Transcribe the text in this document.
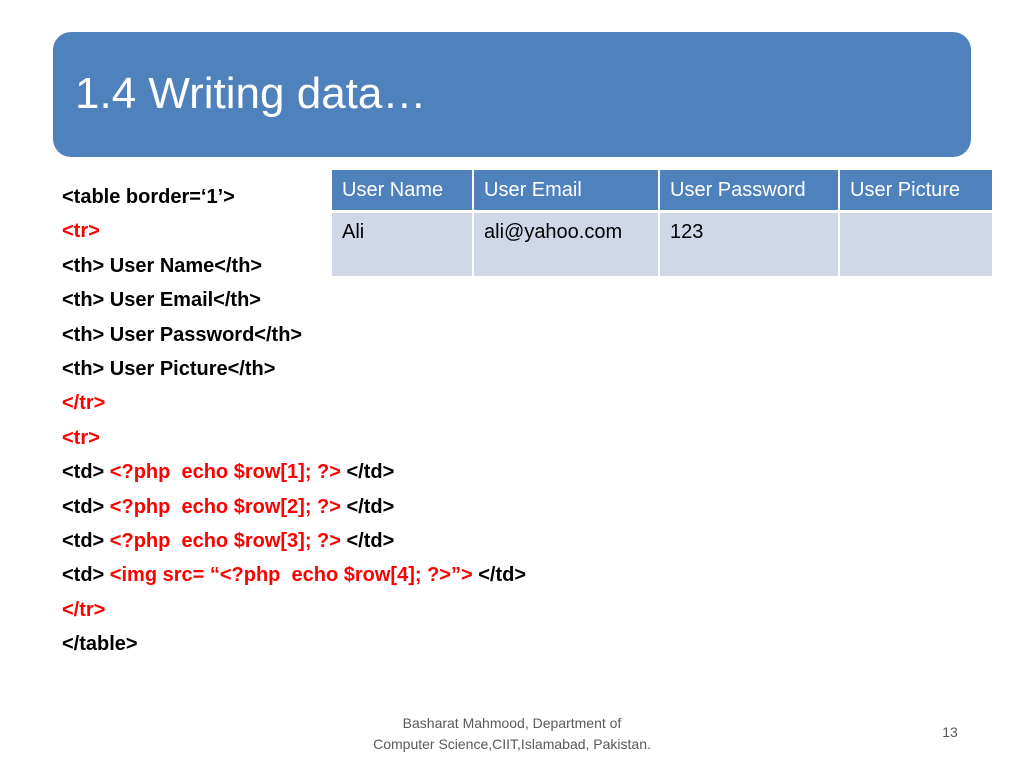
1.4 Writing data…
<table border=‘1’>
<tr>
<th> User Name</th>
<th> User Email</th>
<th> User Password</th>
<th> User Picture</th>
</tr>
<tr>
<td> <?php  echo $row[1]; ?> </td>
<td> <?php  echo $row[2]; ?> </td>
<td> <?php  echo $row[3]; ?> </td>
<td> <img src= “<?php  echo $row[4]; ?>”> </td>
</tr>
</table>
User Name	User Email	User Password	User Picture
Ali	ali@yahoo.com	123	
Basharat Mahmood, Department of
Computer Science,CIIT,Islamabad, Pakistan.
13
